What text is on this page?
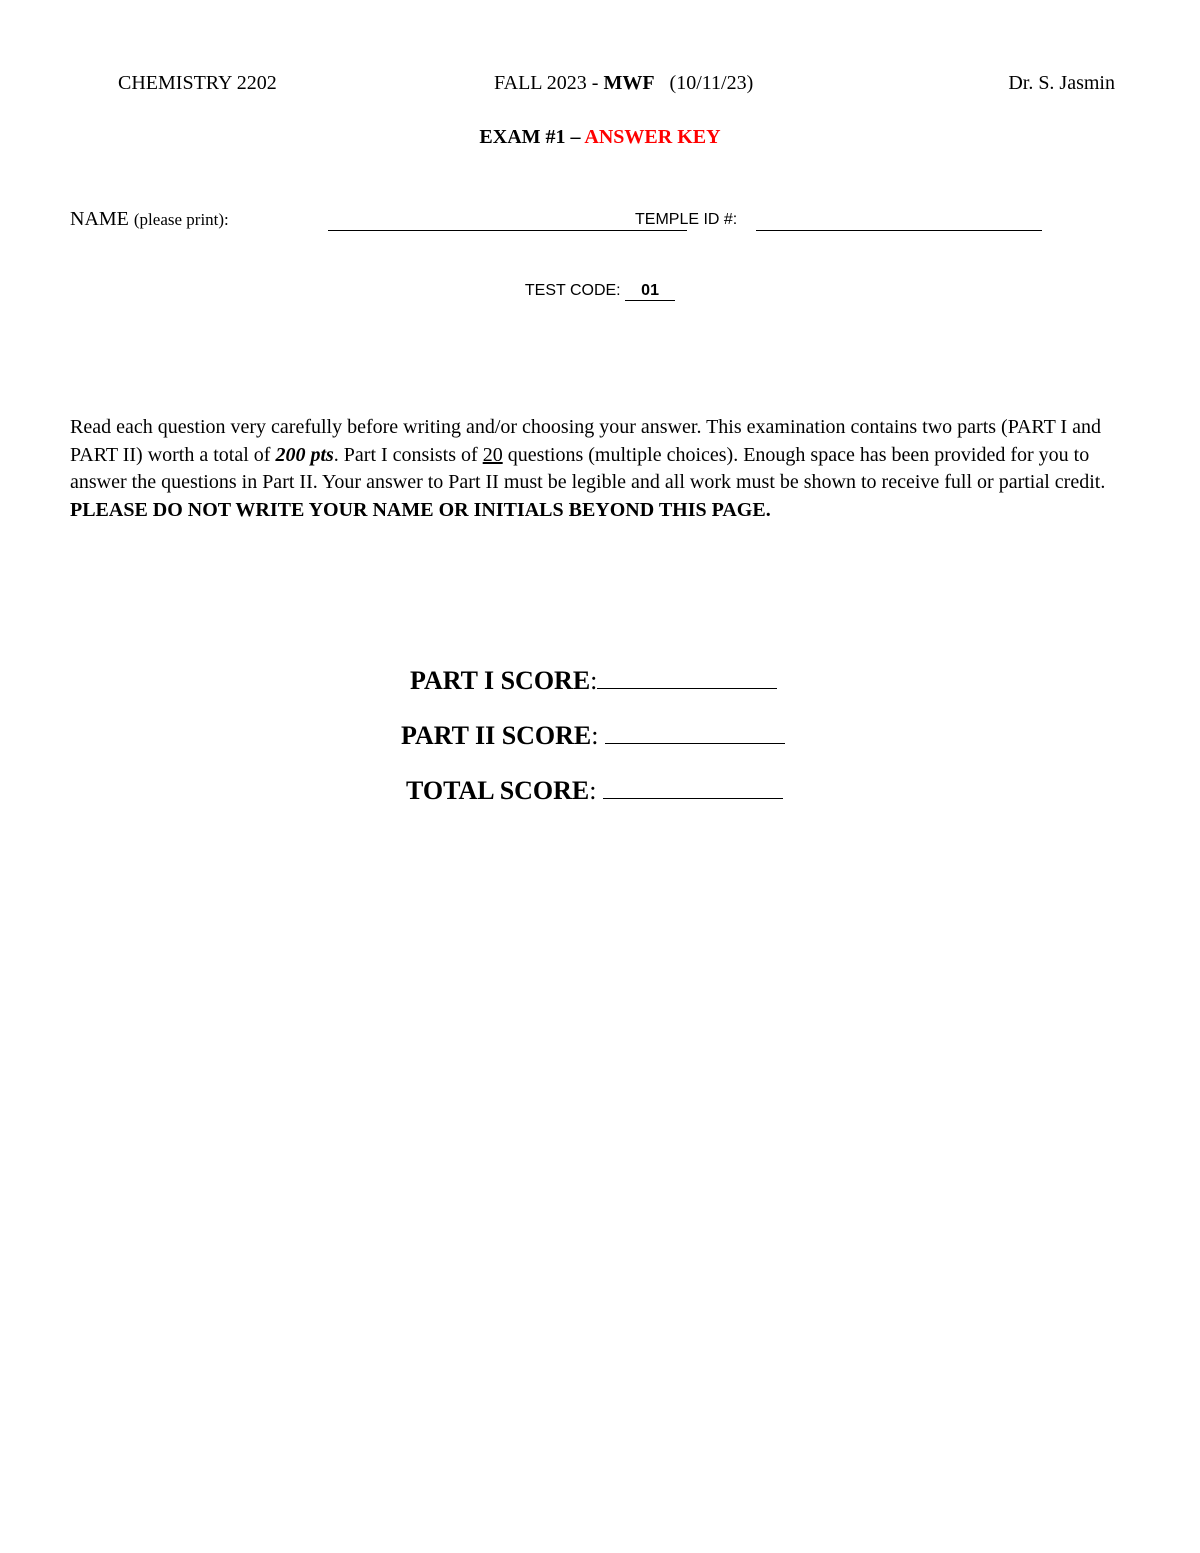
CHEMISTRY 2202	FALL 2023 - MWF   (10/11/23)	Dr. S. Jasmin
EXAM #1 – ANSWER KEY
NAME (please print):	TEMPLE ID #:
TEST CODE: 01
Read each question very carefully before writing and/or choosing your answer. This examination contains two parts (PART I and PART II) worth a total of 200 pts. Part I consists of 20 questions (multiple choices). Enough space has been provided for you to answer the questions in Part II. Your answer to Part II must be legible and all work must be shown to receive full or partial credit. PLEASE DO NOT WRITE YOUR NAME OR INITIALS BEYOND THIS PAGE.
PART I SCORE:
PART II SCORE:
TOTAL SCORE:
